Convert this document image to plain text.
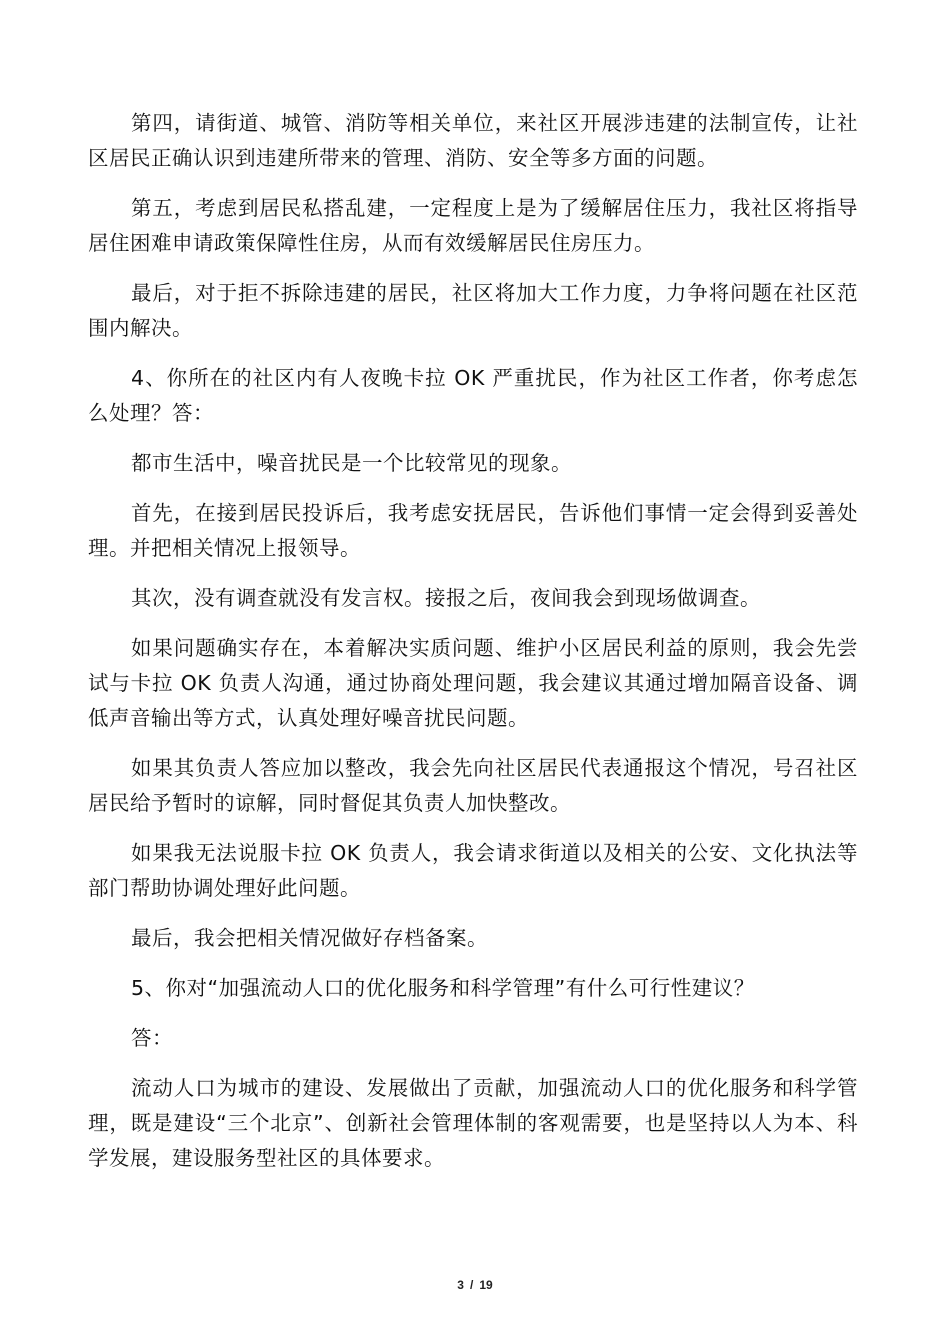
第四，请街道、城管、消防等相关单位，来社区开展涉违建的法制宣传，让社区居民正确认识到违建所带来的管理、消防、安全等多方面的问题。

第五，考虑到居民私搭乱建，一定程度上是为了缓解居住压力，我社区将指导居住困难申请政策保障性住房，从而有效缓解居民住房压力。

最后，对于拒不拆除违建的居民，社区将加大工作力度，力争将问题在社区范围内解决。

4、你所在的社区内有人夜晚卡拉 OK 严重扰民，作为社区工作者，你考虑怎么处理？答：

都市生活中，噪音扰民是一个比较常见的现象。

首先，在接到居民投诉后，我考虑安抚居民，告诉他们事情一定会得到妥善处理。并把相关情况上报领导。

其次，没有调查就没有发言权。接报之后，夜间我会到现场做调查。

如果问题确实存在，本着解决实质问题、维护小区居民利益的原则，我会先尝试与卡拉 OK 负责人沟通，通过协商处理问题，我会建议其通过增加隔音设备、调低声音输出等方式，认真处理好噪音扰民问题。

如果其负责人答应加以整改，我会先向社区居民代表通报这个情况，号召社区居民给予暂时的谅解，同时督促其负责人加快整改。

如果我无法说服卡拉 OK 负责人，我会请求街道以及相关的公安、文化执法等部门帮助协调处理好此问题。

最后，我会把相关情况做好存档备案。

5、你对“加强流动人口的优化服务和科学管理”有什么可行性建议？

答：

流动人口为城市的建设、发展做出了贡献，加强流动人口的优化服务和科学管理，既是建设“三个北京”、创新社会管理体制的客观需要，也是坚持以人为本、科学发展，建设服务型社区的具体要求。

3 / 19
